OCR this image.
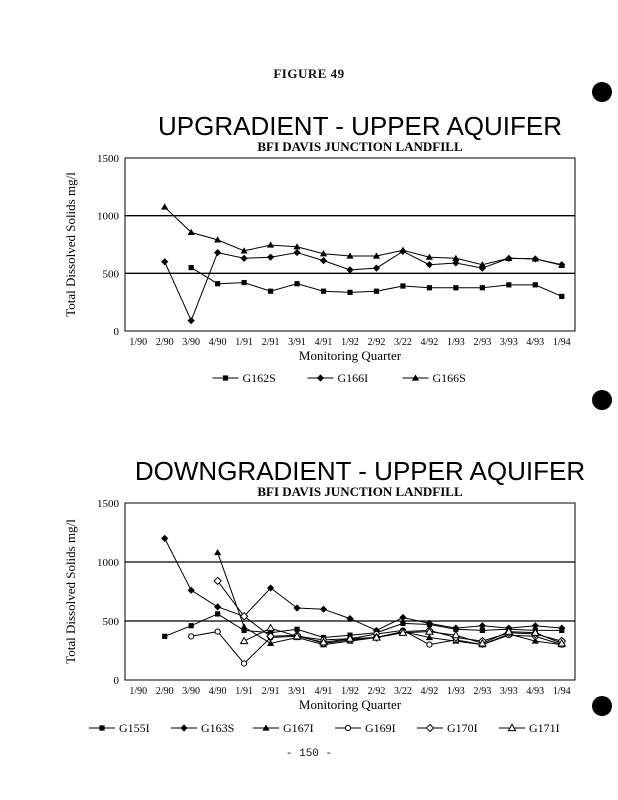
FIGURE 49
UPGRADIENT - UPPER AQUIFER
BFI DAVIS JUNCTION LANDFILL
0
500
1000
1500
Total Dissolved Solids mg/l
1/90 2/90 3/90 4/90 1/91 2/91 3/91 4/91 1/92 2/92 3/22 4/92 1/93 2/93 3/93 4/93 1/94
Monitoring Quarter
G162S	G166I	G166S
DOWNGRADIENT - UPPER AQUIFER
BFI DAVIS JUNCTION LANDFILL
0
500
1000
1500
Total Dissolved Solids mg/l
1/90 2/90 3/90 4/90 1/91 2/91 3/91 4/91 1/92 2/92 3/22 4/92 1/93 2/93 3/93 4/93 1/94
Monitoring Quarter
G155I	G163S	G167I	G169I	G170I	G171I
- 150 -
